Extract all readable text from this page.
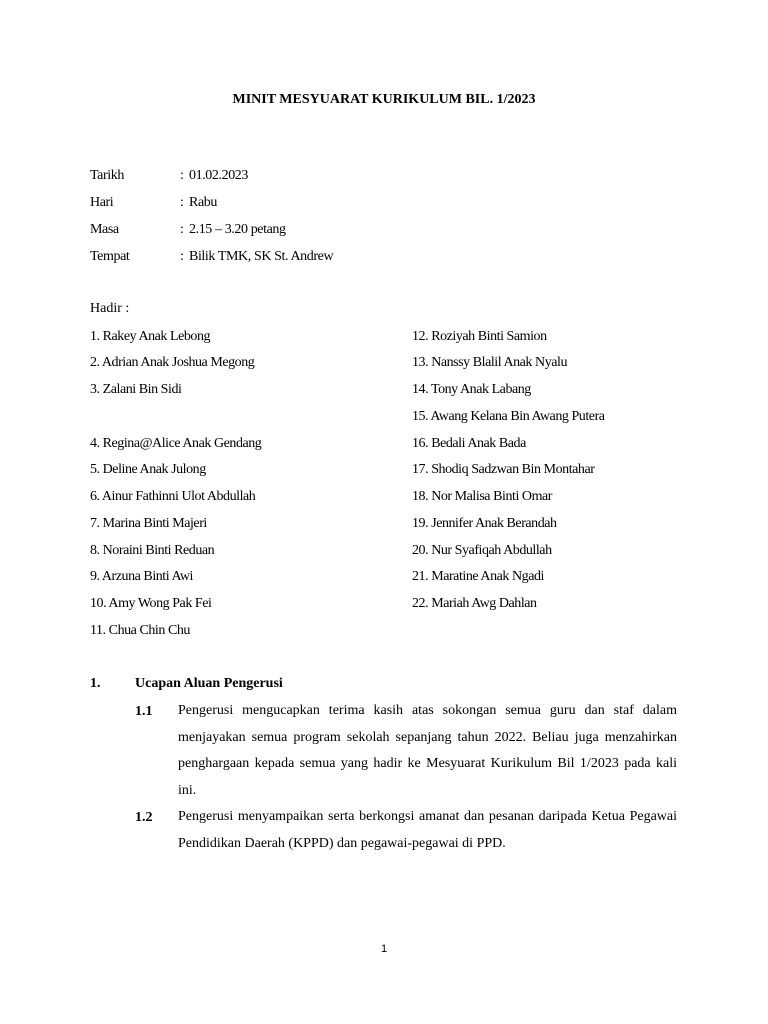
MINIT MESYUARAT KURIKULUM BIL. 1/2023
Tarikh	: 01.02.2023
Hari	: Rabu
Masa	: 2.15 – 3.20 petang
Tempat	: Bilik TMK, SK St. Andrew
Hadir :
1. Rakey Anak Lebong
2. Adrian Anak Joshua Megong
3. Zalani Bin Sidi
4. Regina@Alice Anak Gendang
5. Deline Anak Julong
6. Ainur Fathinni Ulot Abdullah
7. Marina Binti Majeri
8. Noraini Binti Reduan
9. Arzuna Binti Awi
10. Amy Wong Pak Fei
11. Chua Chin Chu
12. Roziyah Binti Samion
13. Nanssy Blalil Anak Nyalu
14. Tony Anak Labang
15. Awang Kelana Bin Awang Putera
16. Bedali Anak Bada
17. Shodiq Sadzwan Bin Montahar
18. Nor Malisa Binti Omar
19. Jennifer Anak Berandah
20. Nur Syafiqah Abdullah
21. Maratine Anak Ngadi
22. Mariah Awg Dahlan
1. Ucapan Aluan Pengerusi
1.1 Pengerusi mengucapkan terima kasih atas sokongan semua guru dan staf dalam menjayakan semua program sekolah sepanjang tahun 2022. Beliau juga menzahirkan penghargaan kepada semua yang hadir ke Mesyuarat Kurikulum Bil 1/2023 pada kali ini.
1.2 Pengerusi menyampaikan serta berkongsi amanat dan pesanan daripada Ketua Pegawai Pendidikan Daerah (KPPD) dan pegawai-pegawai di PPD.
1
